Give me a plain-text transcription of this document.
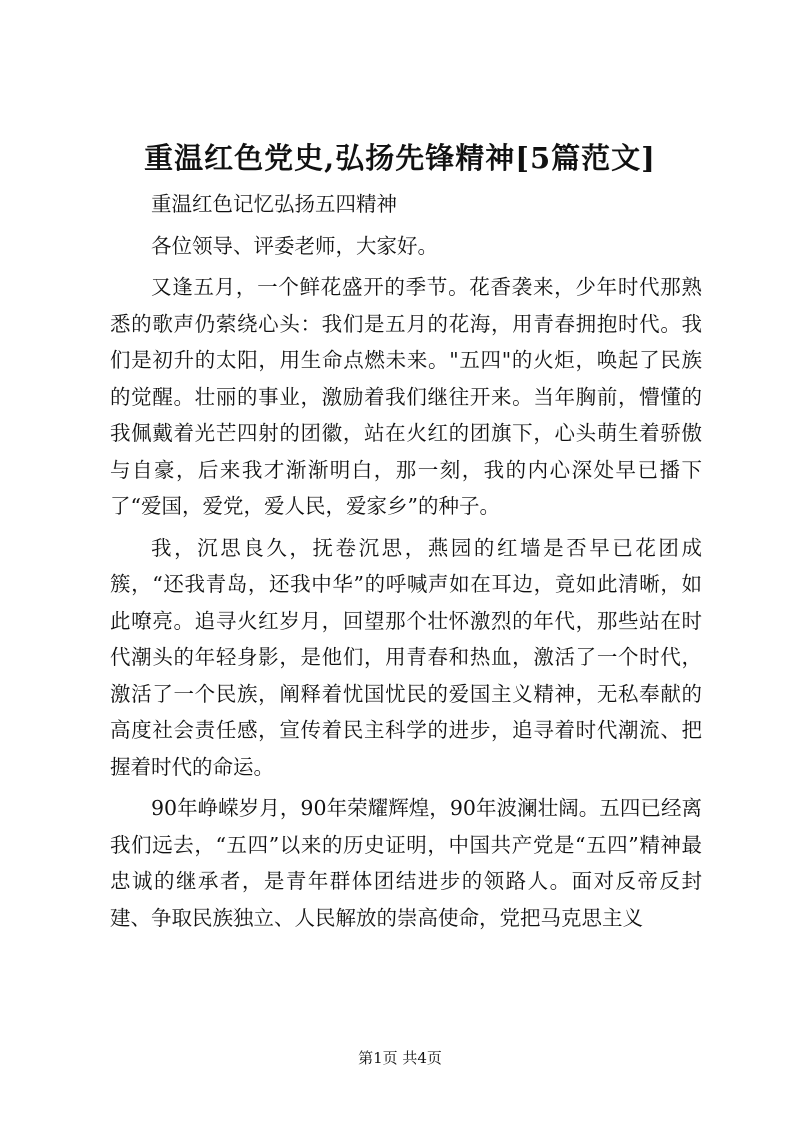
重温红色党史,弘扬先锋精神[5篇范文]

重温红色记忆弘扬五四精神

各位领导、评委老师，大家好。

又逢五月，一个鲜花盛开的季节。花香袭来，少年时代那熟悉的歌声仍萦绕心头：我们是五月的花海，用青春拥抱时代。我们是初升的太阳，用生命点燃未来。"五四"的火炬，唤起了民族的觉醒。壮丽的事业，激励着我们继往开来。当年胸前，懵懂的我佩戴着光芒四射的团徽，站在火红的团旗下，心头萌生着骄傲与自豪，后来我才渐渐明白，那一刻，我的内心深处早已播下了“爱国，爱党，爱人民，爱家乡”的种子。

我，沉思良久，抚卷沉思，燕园的红墙是否早已花团成簇，“还我青岛，还我中华”的呼喊声如在耳边，竟如此清晰，如此嘹亮。追寻火红岁月，回望那个壮怀激烈的年代，那些站在时代潮头的年轻身影，是他们，用青春和热血，激活了一个时代，激活了一个民族，阐释着忧国忧民的爱国主义精神，无私奉献的高度社会责任感，宣传着民主科学的进步，追寻着时代潮流、把握着时代的命运。

90年峥嵘岁月，90年荣耀辉煌，90年波澜壮阔。五四已经离我们远去，“五四”以来的历史证明，中国共产党是“五四”精神最忠诚的继承者，是青年群体团结进步的领路人。面对反帝反封建、争取民族独立、人民解放的崇高使命，党把马克思主义

第1页 共4页
